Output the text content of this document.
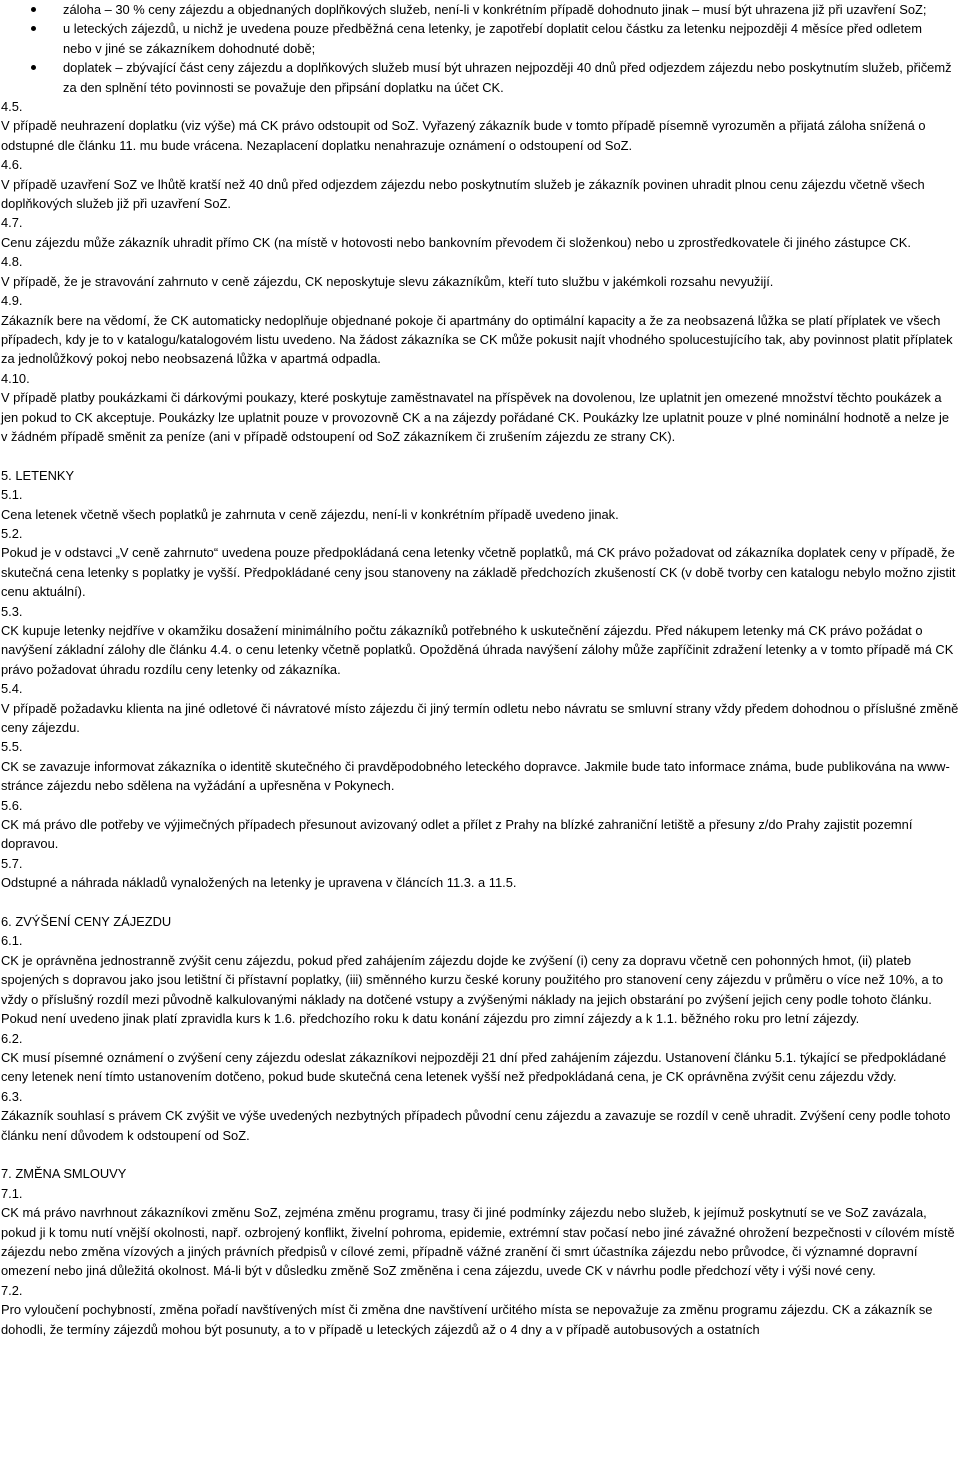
záloha – 30 % ceny zájezdu a objednaných doplňkových služeb, není-li v konkrétním případě dohodnuto jinak – musí být uhrazena již při uzavření SoZ;
u leteckých zájezdů, u nichž je uvedena pouze předběžná cena letenky, je zapotřebí doplatit celou částku za letenku nejpozději 4 měsíce před odletem nebo v jiné se zákazníkem dohodnuté době;
doplatek – zbývající část ceny zájezdu a doplňkových služeb musí být uhrazen nejpozději 40 dnů před odjezdem zájezdu nebo poskytnutím služeb, přičemž za den splnění této povinnosti se považuje den připsání doplatku na účet CK.

4.5.

V případě neuhrazení doplatku (viz výše) má CK právo odstoupit od SoZ. Vyřazený zákazník bude v tomto případě písemně vyrozuměn a přijatá záloha snížená o odstupné dle článku 11. mu bude vrácena. Nezaplacení doplatku nenahrazuje oznámení o odstoupení od SoZ.

4.6.

V případě uzavření SoZ ve lhůtě kratší než 40 dnů před odjezdem zájezdu nebo poskytnutím služeb je zákazník povinen uhradit plnou cenu zájezdu včetně všech doplňkových služeb již při uzavření SoZ.

4.7.

Cenu zájezdu může zákazník uhradit přímo CK (na místě v hotovosti nebo bankovním převodem či složenkou) nebo u zprostředkovatele či jiného zástupce CK.

4.8.

V případě, že je stravování zahrnuto v ceně zájezdu, CK neposkytuje slevu zákazníkům, kteří tuto službu v jakémkoli rozsahu nevyužijí.

4.9.

Zákazník bere na vědomí, že CK automaticky nedoplňuje objednané pokoje či apartmány do optimální kapacity a že za neobsazená lůžka se platí příplatek ve všech případech, kdy je to v katalogu/katalogovém listu uvedeno. Na žádost zákazníka se CK může pokusit najít vhodného spolucestujícího tak, aby povinnost platit příplatek za jednolůžkový pokoj nebo neobsazená lůžka v apartmá odpadla.

4.10.

V případě platby poukázkami či dárkovými poukazy, které poskytuje zaměstnavatel na příspěvek na dovolenou, lze uplatnit jen omezené množství těchto poukázek a jen pokud to CK akceptuje. Poukázky lze uplatnit pouze v provozovně CK a na zájezdy pořádané CK. Poukázky lze uplatnit pouze v plné nominální hodnotě a nelze je v žádném případě směnit za peníze (ani v případě odstoupení od SoZ zákazníkem či zrušením zájezdu ze strany CK).

5. LETENKY

5.1.

Cena letenek včetně všech poplatků je zahrnuta v ceně zájezdu, není-li v konkrétním případě uvedeno jinak.

5.2.

Pokud je v odstavci „V ceně zahrnuto“ uvedena pouze předpokládaná cena letenky včetně poplatků, má CK právo požadovat od zákazníka doplatek ceny v případě, že skutečná cena letenky s poplatky je vyšší. Předpokládané ceny jsou stanoveny na základě předchozích zkušeností CK (v době tvorby cen katalogu nebylo možno zjistit cenu aktuální).

5.3.

CK kupuje letenky nejdříve v okamžiku dosažení minimálního počtu zákazníků potřebného k uskutečnění zájezdu. Před nákupem letenky má CK právo požádat o navýšení základní zálohy dle článku 4.4. o cenu letenky včetně poplatků. Opožděná úhrada navýšení zálohy může zapříčinit zdražení letenky a v tomto případě má CK právo požadovat úhradu rozdílu ceny letenky od zákazníka.

5.4.

V případě požadavku klienta na jiné odletové či návratové místo zájezdu či jiný termín odletu nebo návratu se smluvní strany vždy předem dohodnou o příslušné změně ceny zájezdu.

5.5.

CK se zavazuje informovat zákazníka o identitě skutečného či pravděpodobného leteckého dopravce. Jakmile bude tato informace známa, bude publikována na www-stránce zájezdu nebo sdělena na vyžádání a upřesněna v Pokynech.

5.6.

CK má právo dle potřeby ve výjimečných případech přesunout avizovaný odlet a přílet z Prahy na blízké zahraniční letiště a přesuny z/do Prahy zajistit pozemní dopravou.

5.7.

Odstupné a náhrada nákladů vynaložených na letenky je upravena v článcích 11.3. a 11.5.

6. ZVÝŠENÍ CENY ZÁJEZDU

6.1.

CK je oprávněna jednostranně zvýšit cenu zájezdu, pokud před zahájením zájezdu dojde ke zvýšení (i) ceny za dopravu včetně cen pohonných hmot, (ii) plateb spojených s dopravou jako jsou letištní či přístavní poplatky, (iii) směnného kurzu české koruny použitého pro stanovení ceny zájezdu v průměru o více než 10%, a to vždy o příslušný rozdíl mezi původně kalkulovanými náklady na dotčené vstupy a zvýšenými náklady na jejich obstarání po zvýšení jejich ceny podle tohoto článku. Pokud není uvedeno jinak platí zpravidla kurs k 1.6. předchozího roku k datu konání zájezdu pro zimní zájezdy a k 1.1. běžného roku pro letní zájezdy.

6.2.

CK musí písemné oznámení o zvýšení ceny zájezdu odeslat zákazníkovi nejpozději 21 dní před zahájením zájezdu. Ustanovení článku 5.1. týkající se předpokládané ceny letenek není tímto ustanovením dotčeno, pokud bude skutečná cena letenek vyšší než předpokládaná cena, je CK oprávněna zvýšit cenu zájezdu vždy.

6.3.

Zákazník souhlasí s právem CK zvýšit ve výše uvedených nezbytných případech původní cenu zájezdu a zavazuje se rozdíl v ceně uhradit. Zvýšení ceny podle tohoto článku není důvodem k odstoupení od SoZ.

7. ZMĚNA SMLOUVY

7.1.

CK má právo navrhnout zákazníkovi změnu SoZ, zejména změnu programu, trasy či jiné podmínky zájezdu nebo služeb, k jejímuž poskytnutí se ve SoZ zavázala, pokud ji k tomu nutí vnější okolnosti, např. ozbrojený konflikt, živelní pohroma, epidemie, extrémní stav počasí nebo jiné závažné ohrožení bezpečnosti v cílovém místě zájezdu nebo změna vízových a jiných právních předpisů v cílové zemi, případně vážné zranění či smrt účastníka zájezdu nebo průvodce, či významné dopravní omezení nebo jiná důležitá okolnost. Má-li být v důsledku změně SoZ změněna i cena zájezdu, uvede CK v návrhu podle předchozí věty i výši nové ceny.

7.2.

Pro vyloučení pochybností, změna pořadí navštívených míst či změna dne navštívení určitého místa se nepovažuje za změnu programu zájezdu. CK a zákazník se dohodli, že termíny zájezdů mohou být posunuty, a to v případě u leteckých zájezdů až o 4 dny a v případě autobusových a ostatních
